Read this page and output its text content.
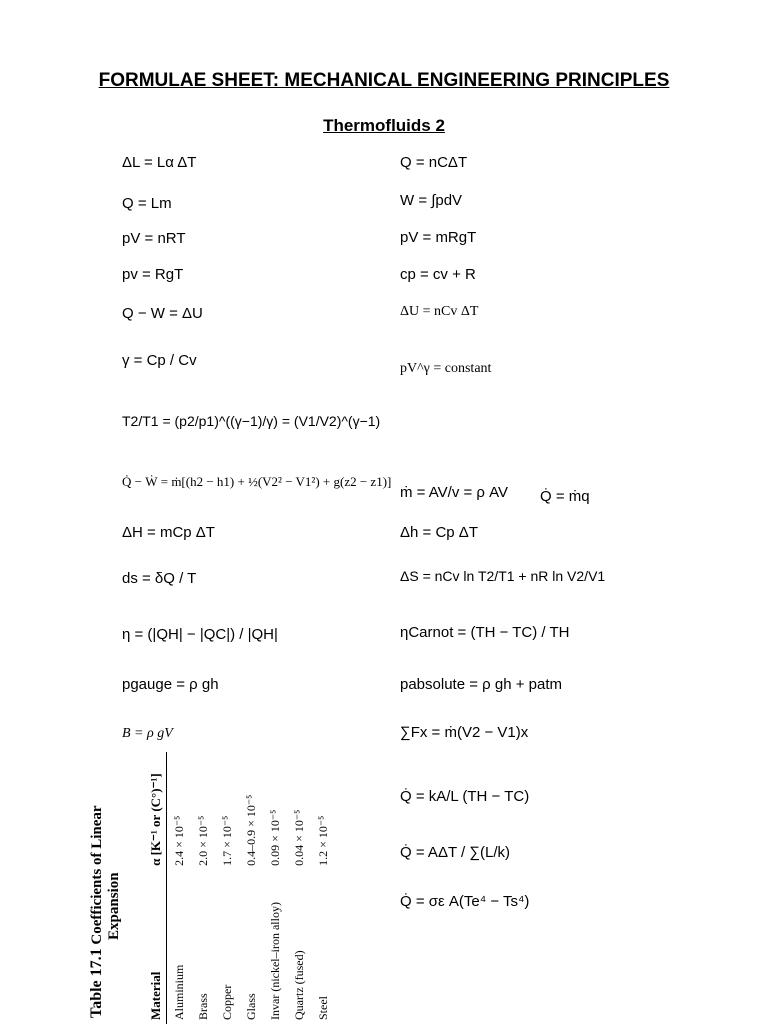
FORMULAE SHEET: MECHANICAL ENGINEERING PRINCIPLES
Thermofluids 2
ΔL = Lα ΔT
Q = Lm
pV = nRT
pv = RgT
Q − W = ΔU
γ = Cp / Cv
T2/T1 = (p2/p1)^((γ−1)/γ) = (V1/V2)^(γ−1)
Q̇ − Ẇ = ṁ[(h2 − h1) + ½(V2² − V1²) + g(z2 − z1)]
ΔH = mCp ΔT
ds = δQ / T
η = (|QH| − |QC|) / |QH|
pgauge = ρ gh
B = ρ gV
Q = nCΔT
W = ∫pdV
pV = mRgT
cp = cv + R
ΔU = nCv ΔT
pV^γ = constant
ṁ = AV/v = ρ AV Q̇ = ṁq
Δh = Cp ΔT
ΔS = nCv ln T2/T1 + nR ln V2/V1
ηCarnot = (TH − TC) / TH
pabsolute = ρ gh + patm
∑Fx = ṁ(V2 − V1)x
Q̇ = kA/L (TH − TC)
Q̇ = AΔT / ∑(L/k)
Q̇ = σε A(Te⁴ − Ts⁴)
Table 17.1 Coefficients of Linear Expansion
Material	α [K⁻¹ or (C°)⁻¹]
Aluminium	2.4 × 10⁻⁵
Brass	2.0 × 10⁻⁵
Copper	1.7 × 10⁻⁵
Glass	0.4–0.9 × 10⁻⁵
Invar (nickel–iron alloy)	0.09 × 10⁻⁵
Quartz (fused)	0.04 × 10⁻⁵
Steel	1.2 × 10⁻⁵
